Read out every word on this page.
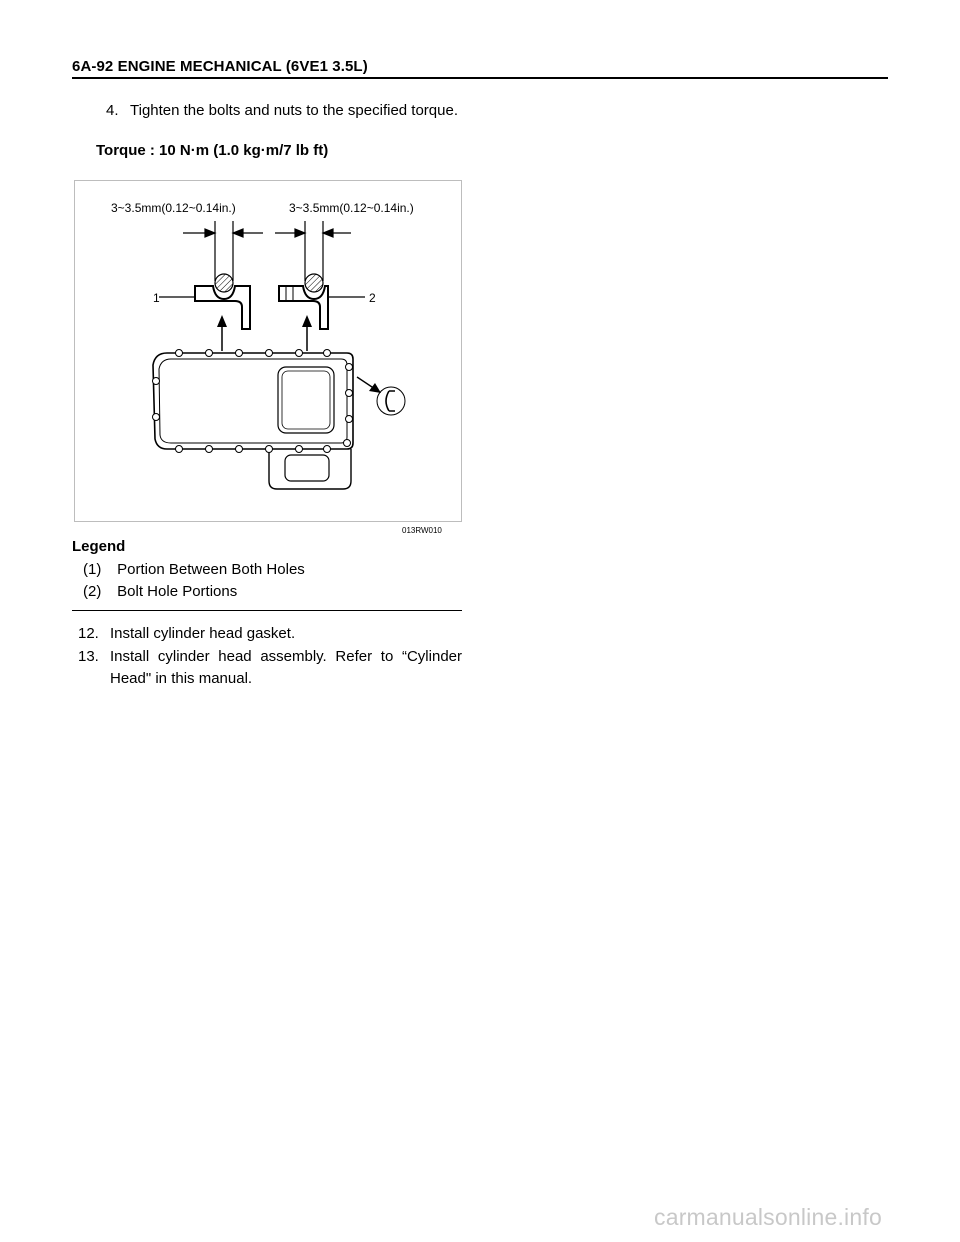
6A-92 ENGINE MECHANICAL (6VE1 3.5L)
4. Tighten the bolts and nuts to the specified torque.
Torque : 10 N·m (1.0 kg·m/7 lb ft)
3~3.5mm(0.12~0.14in.)	3~3.5mm(0.12~0.14in.)
1	2
013RW010
Legend
(1) Portion Between Both Holes
(2) Bolt Hole Portions
12. Install cylinder head gasket.
13. Install cylinder head assembly. Refer to “Cylinder Head" in this manual.
carmanualsonline.info
